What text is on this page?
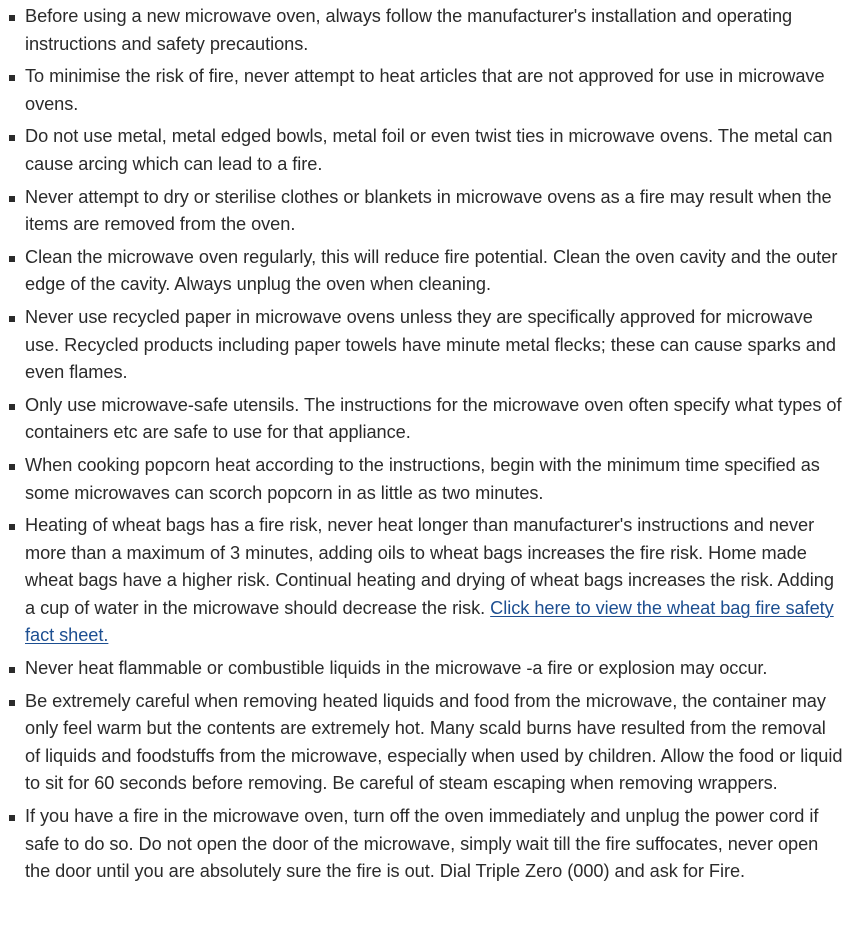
Before using a new microwave oven, always follow the manufacturer's installation and operating instructions and safety precautions.
To minimise the risk of fire, never attempt to heat articles that are not approved for use in microwave ovens.
Do not use metal, metal edged bowls, metal foil or even twist ties in microwave ovens. The metal can cause arcing which can lead to a fire.
Never attempt to dry or sterilise clothes or blankets in microwave ovens as a fire may result when the items are removed from the oven.
Clean the microwave oven regularly, this will reduce fire potential. Clean the oven cavity and the outer edge of the cavity. Always unplug the oven when cleaning.
Never use recycled paper in microwave ovens unless they are specifically approved for microwave use. Recycled products including paper towels have minute metal flecks; these can cause sparks and even flames.
Only use microwave-safe utensils. The instructions for the microwave oven often specify what types of containers etc are safe to use for that appliance.
When cooking popcorn heat according to the instructions, begin with the minimum time specified as some microwaves can scorch popcorn in as little as two minutes.
Heating of wheat bags has a fire risk, never heat longer than manufacturer's instructions and never more than a maximum of 3 minutes, adding oils to wheat bags increases the fire risk. Home made wheat bags have a higher risk. Continual heating and drying of wheat bags increases the risk. Adding a cup of water in the microwave should decrease the risk. Click here to view the wheat bag fire safety fact sheet.
Never heat flammable or combustible liquids in the microwave -a fire or explosion may occur.
Be extremely careful when removing heated liquids and food from the microwave, the container may only feel warm but the contents are extremely hot. Many scald burns have resulted from the removal of liquids and foodstuffs from the microwave, especially when used by children. Allow the food or liquid to sit for 60 seconds before removing. Be careful of steam escaping when removing wrappers.
If you have a fire in the microwave oven, turn off the oven immediately and unplug the power cord if safe to do so. Do not open the door of the microwave, simply wait till the fire suffocates, never open the door until you are absolutely sure the fire is out. Dial Triple Zero (000) and ask for Fire.
